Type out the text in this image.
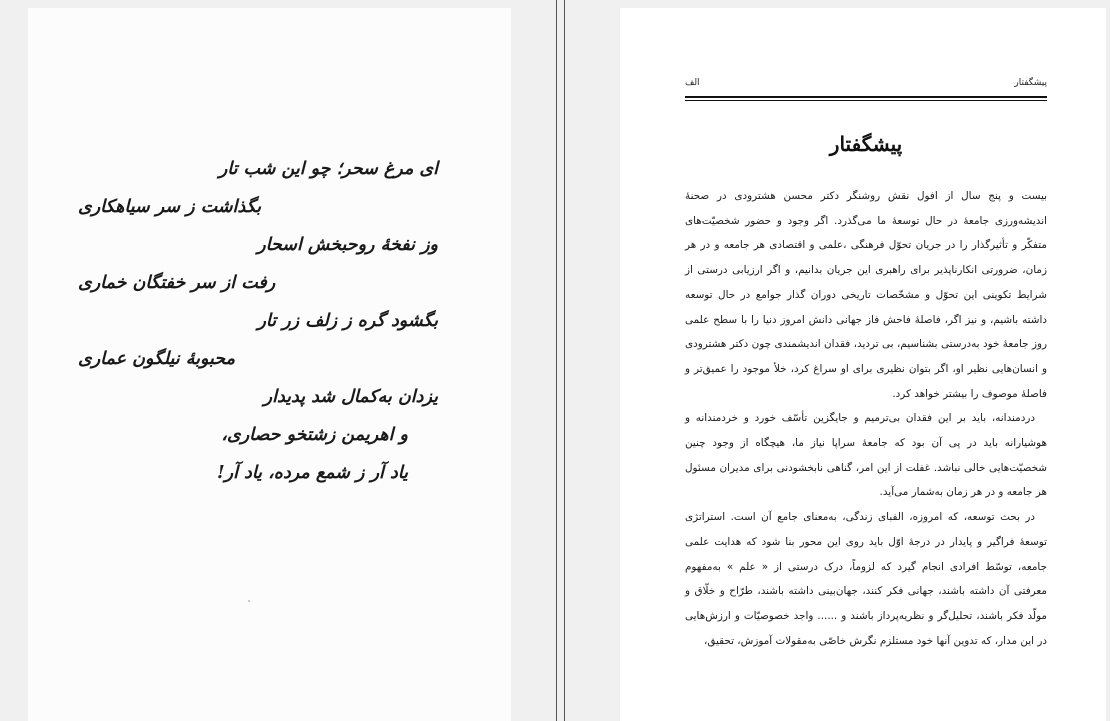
ای مرغ سحر؛ چو این شب تار
بگذاشت ز سر سیاهکاری
وز نفخهٔ روحبخش اسحار
رفت از سر خفتگان خماری
بگشود گره ز زلف زر تار
محبوبهٔ نیلگون عماری
یزدان به‌کمال شد پدیدار
و اهریمن زشتخو حصاری،
یاد آر ز شمع مرده، یاد آر!
پیشگفتار
الف
پیشگفتار

بیست و پنج سال از افول نقش روشنگر دکتر محسن هشترودی در صحنهٔ اندیشه‌ورزی جامعهٔ در حال توسعهٔ ما می‌گذرد. اگر وجود و حضور شخصیّت‌های متفکّر و تأثیرگذار را در جریان تحوّل فرهنگی ،علمی و اقتصادی هر جامعه و در هر زمان، ضرورتی انکارناپذیر برای راهبری این جریان بدانیم، و اگر ارزیابی درستی از شرایط تکوینی این تحوّل و مشخّصات تاریخی دوران گذار جوامع در حال توسعه داشته باشیم، و نیز اگر، فاصلهٔ فاحش فاز جهانی دانش امروز دنیا را با سطح علمی روز جامعهٔ خود به‌درستی بشناسیم، بی تردید، فقدان اندیشمندی چون دکتر هشترودی و انسان‌هایی نظیر او، اگر بتوان نظیری برای او سراغ کرد، خلأ موجود را عمیق‌تر و فاصلهٔ موصوف را بیشتر خواهد کرد.

دردمندانه، باید بر این فقدان بی‌ترمیم و جایگزین تأسّف خورد و خردمندانه و هوشیارانه باید در پی آن بود که جامعهٔ سراپا نیاز ما، هیچگاه از وجود چنین شخصیّت‌هایی خالی نباشد. غفلت از این امر، گناهی نابخشودنی برای مدیران مسئول هر جامعه و در هر زمان به‌شمار می‌آید.

در بحث توسعه، که امروزه، الفبای زندگی، به‌معنای جامع آن است. استراتژی توسعهٔ فراگیر و پایدار در درجهٔ اوّل باید روی این محور بنا شود که هدایت علمی جامعه، توسّط افرادی انجام گیرد که لزوماً، درک درستی از « علم » به‌مفهوم معرفتی آن داشته باشند، جهانی فکر کنند، جهان‌بینی داشته باشند، طرّاح و خلّاق و مولّد فکر باشند، تحلیل‌گر و نظریه‌پرداز باشند و ...... واجد خصوصیّات و ارزش‌هایی در این مدار، که تدوین آنها خود مستلزم نگرش خاصّی به‌مقولات آموزش، تحقیق،
